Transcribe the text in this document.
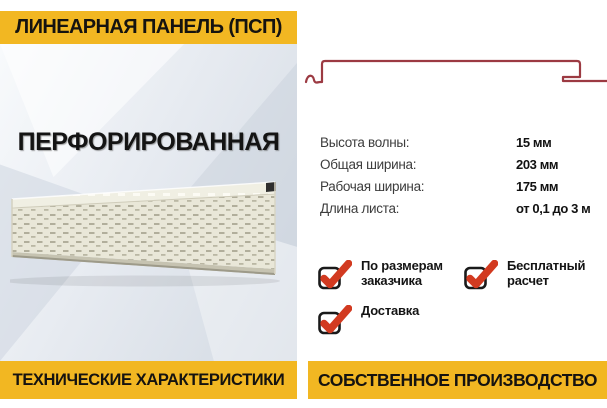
ЛИНЕАРНАЯ ПАНЕЛЬ (ПСП)
ПЕРФОРИРОВАННАЯ
ТЕХНИЧЕСКИЕ ХАРАКТЕРИСТИКИ
Высота волны:	15 мм
Общая ширина:	203 мм
Рабочая ширина:	175 мм
Длина листа:	от 0,1 до 3 м
По размерам заказчика
Бесплатный расчет
Доставка
СОБСТВЕННОЕ ПРОИЗВОДСТВО
